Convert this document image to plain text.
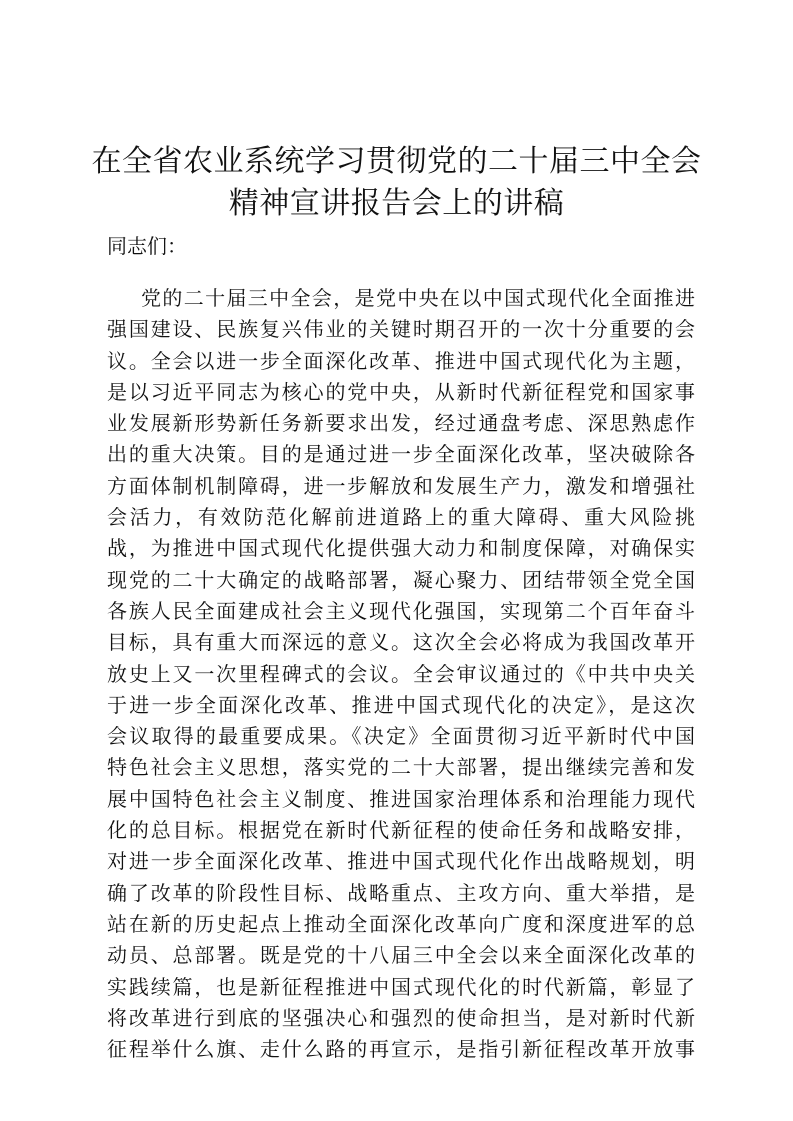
在全省农业系统学习贯彻党的二十届三中全会
精神宣讲报告会上的讲稿

同志们：

党的二十届三中全会，是党中央在以中国式现代化全面推进
强国建设、民族复兴伟业的关键时期召开的一次十分重要的会
议。全会以进一步全面深化改革、推进中国式现代化为主题，
是以习近平同志为核心的党中央，从新时代新征程党和国家事
业发展新形势新任务新要求出发，经过通盘考虑、深思熟虑作
出的重大决策。目的是通过进一步全面深化改革，坚决破除各
方面体制机制障碍，进一步解放和发展生产力，激发和增强社
会活力，有效防范化解前进道路上的重大障碍、重大风险挑
战，为推进中国式现代化提供强大动力和制度保障，对确保实
现党的二十大确定的战略部署，凝心聚力、团结带领全党全国
各族人民全面建成社会主义现代化强国，实现第二个百年奋斗
目标，具有重大而深远的意义。这次全会必将成为我国改革开
放史上又一次里程碑式的会议。全会审议通过的《中共中央关
于进一步全面深化改革、推进中国式现代化的决定》，是这次
会议取得的最重要成果。《决定》全面贯彻习近平新时代中国
特色社会主义思想，落实党的二十大部署，提出继续完善和发
展中国特色社会主义制度、推进国家治理体系和治理能力现代
化的总目标。根据党在新时代新征程的使命任务和战略安排，
对进一步全面深化改革、推进中国式现代化作出战略规划，明
确了改革的阶段性目标、战略重点、主攻方向、重大举措，是
站在新的历史起点上推动全面深化改革向广度和深度进军的总
动员、总部署。既是党的十八届三中全会以来全面深化改革的
实践续篇，也是新征程推进中国式现代化的时代新篇，彰显了
将改革进行到底的坚强决心和强烈的使命担当，是对新时代新
征程举什么旗、走什么路的再宣示，是指引新征程改革开放事
